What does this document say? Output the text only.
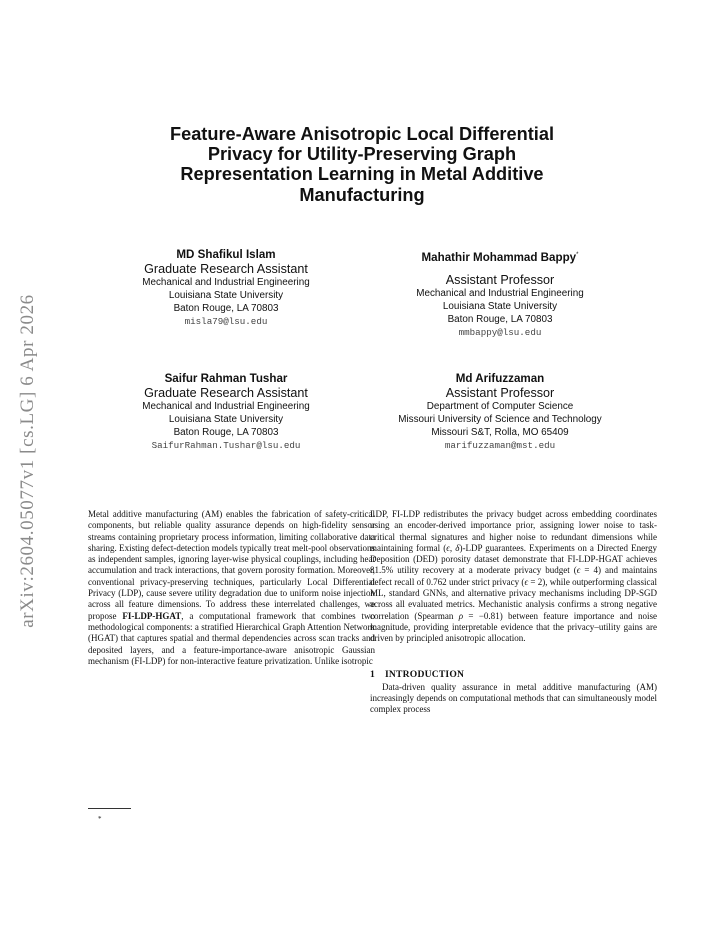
arXiv:2604.05077v1 [cs.LG] 6 Apr 2026
Feature-Aware Anisotropic Local Differential
Privacy for Utility-Preserving Graph
Representation Learning in Metal Additive
Manufacturing
MD Shafikul Islam
Graduate Research Assistant
Mechanical and Industrial Engineering
Louisiana State University
Baton Rouge, LA 70803
misla79@lsu.edu
Mahathir Mohammad Bappy*
Assistant Professor
Mechanical and Industrial Engineering
Louisiana State University
Baton Rouge, LA 70803
mmbappy@lsu.edu
Saifur Rahman Tushar
Graduate Research Assistant
Mechanical and Industrial Engineering
Louisiana State University
Baton Rouge, LA 70803
SaifurRahman.Tushar@lsu.edu
Md Arifuzzaman
Assistant Professor
Department of Computer Science
Missouri University of Science and Technology
Missouri S&T, Rolla, MO 65409
marifuzzaman@mst.edu

Metal additive manufacturing (AM) enables the fabrication of safety-critical components, but reliable quality assurance depends on high-fidelity sensor streams containing proprietary process information, limiting collaborative data sharing. Existing defect-detection models typically treat melt-pool observations as independent samples, ignoring layer-wise physical couplings, including heat accumulation and track interactions, that govern porosity formation. Moreover, conventional privacy-preserving techniques, particularly Local Differential Privacy (LDP), cause severe utility degradation due to uniform noise injection across all feature dimensions. To address these interrelated challenges, we propose FI-LDP-HGAT, a computational framework that combines two methodological components: a stratified Hierarchical Graph Attention Network (HGAT) that captures spatial and thermal dependencies across scan tracks and deposited layers, and a feature-importance-aware anisotropic Gaussian mechanism (FI-LDP) for non-interactive feature privatization. Unlike isotropic

LDP, FI-LDP redistributes the privacy budget across embedding coordinates using an encoder-derived importance prior, assigning lower noise to task-critical thermal signatures and higher noise to redundant dimensions while maintaining formal (ϵ, δ)-LDP guarantees. Experiments on a Directed Energy Deposition (DED) porosity dataset demonstrate that FI-LDP-HGAT achieves 81.5% utility recovery at a moderate privacy budget (ϵ = 4) and maintains defect recall of 0.762 under strict privacy (ϵ = 2), while outperforming classical ML, standard GNNs, and alternative privacy mechanisms including DP-SGD across all evaluated metrics. Mechanistic analysis confirms a strong negative correlation (Spearman ρ = −0.81) between feature importance and noise magnitude, providing interpretable evidence that the privacy–utility gains are driven by principled anisotropic allocation.

1 INTRODUCTION

Data-driven quality assurance in metal additive manufacturing (AM) increasingly depends on computational methods that can simultaneously model complex process

*
